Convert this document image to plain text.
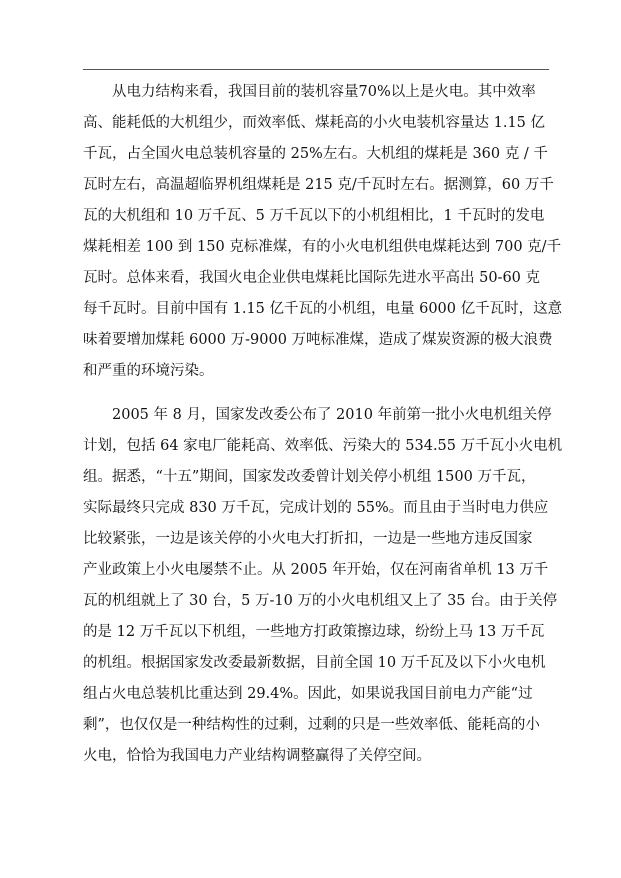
从电力结构来看，我国目前的装机容量70%以上是火电。其中效率
高、能耗低的大机组少，而效率低、煤耗高的小火电装机容量达 1.15 亿
千瓦，占全国火电总装机容量的 25%左右。大机组的煤耗是 360 克 / 千
瓦时左右，高温超临界机组煤耗是 215 克/千瓦时左右。据测算，60 万千
瓦的大机组和 10 万千瓦、5 万千瓦以下的小机组相比，1 千瓦时的发电
煤耗相差 100 到 150 克标准煤，有的小火电机组供电煤耗达到 700 克/千
瓦时。总体来看，我国火电企业供电煤耗比国际先进水平高出 50-60 克
每千瓦时。目前中国有 1.15 亿千瓦的小机组，电量 6000 亿千瓦时，这意
味着要增加煤耗 6000 万-9000 万吨标准煤，造成了煤炭资源的极大浪费
和严重的环境污染。
2005 年 8 月，国家发改委公布了 2010 年前第一批小火电机组关停
计划，包括 64 家电厂能耗高、效率低、污染大的 534.55 万千瓦小火电机
组。据悉，“十五”期间，国家发改委曾计划关停小机组 1500 万千瓦，
实际最终只完成 830 万千瓦，完成计划的 55%。而且由于当时电力供应
比较紧张，一边是该关停的小火电大打折扣，一边是一些地方违反国家
产业政策上小火电屡禁不止。从 2005 年开始，仅在河南省单机 13 万千
瓦的机组就上了 30 台，5 万-10 万的小火电机组又上了 35 台。由于关停
的是 12 万千瓦以下机组，一些地方打政策擦边球，纷纷上马 13 万千瓦
的机组。根据国家发改委最新数据，目前全国 10 万千瓦及以下小火电机
组占火电总装机比重达到 29.4%。因此，如果说我国目前电力产能“过
剩”，也仅仅是一种结构性的过剩，过剩的只是一些效率低、能耗高的小
火电，恰恰为我国电力产业结构调整赢得了关停空间。
